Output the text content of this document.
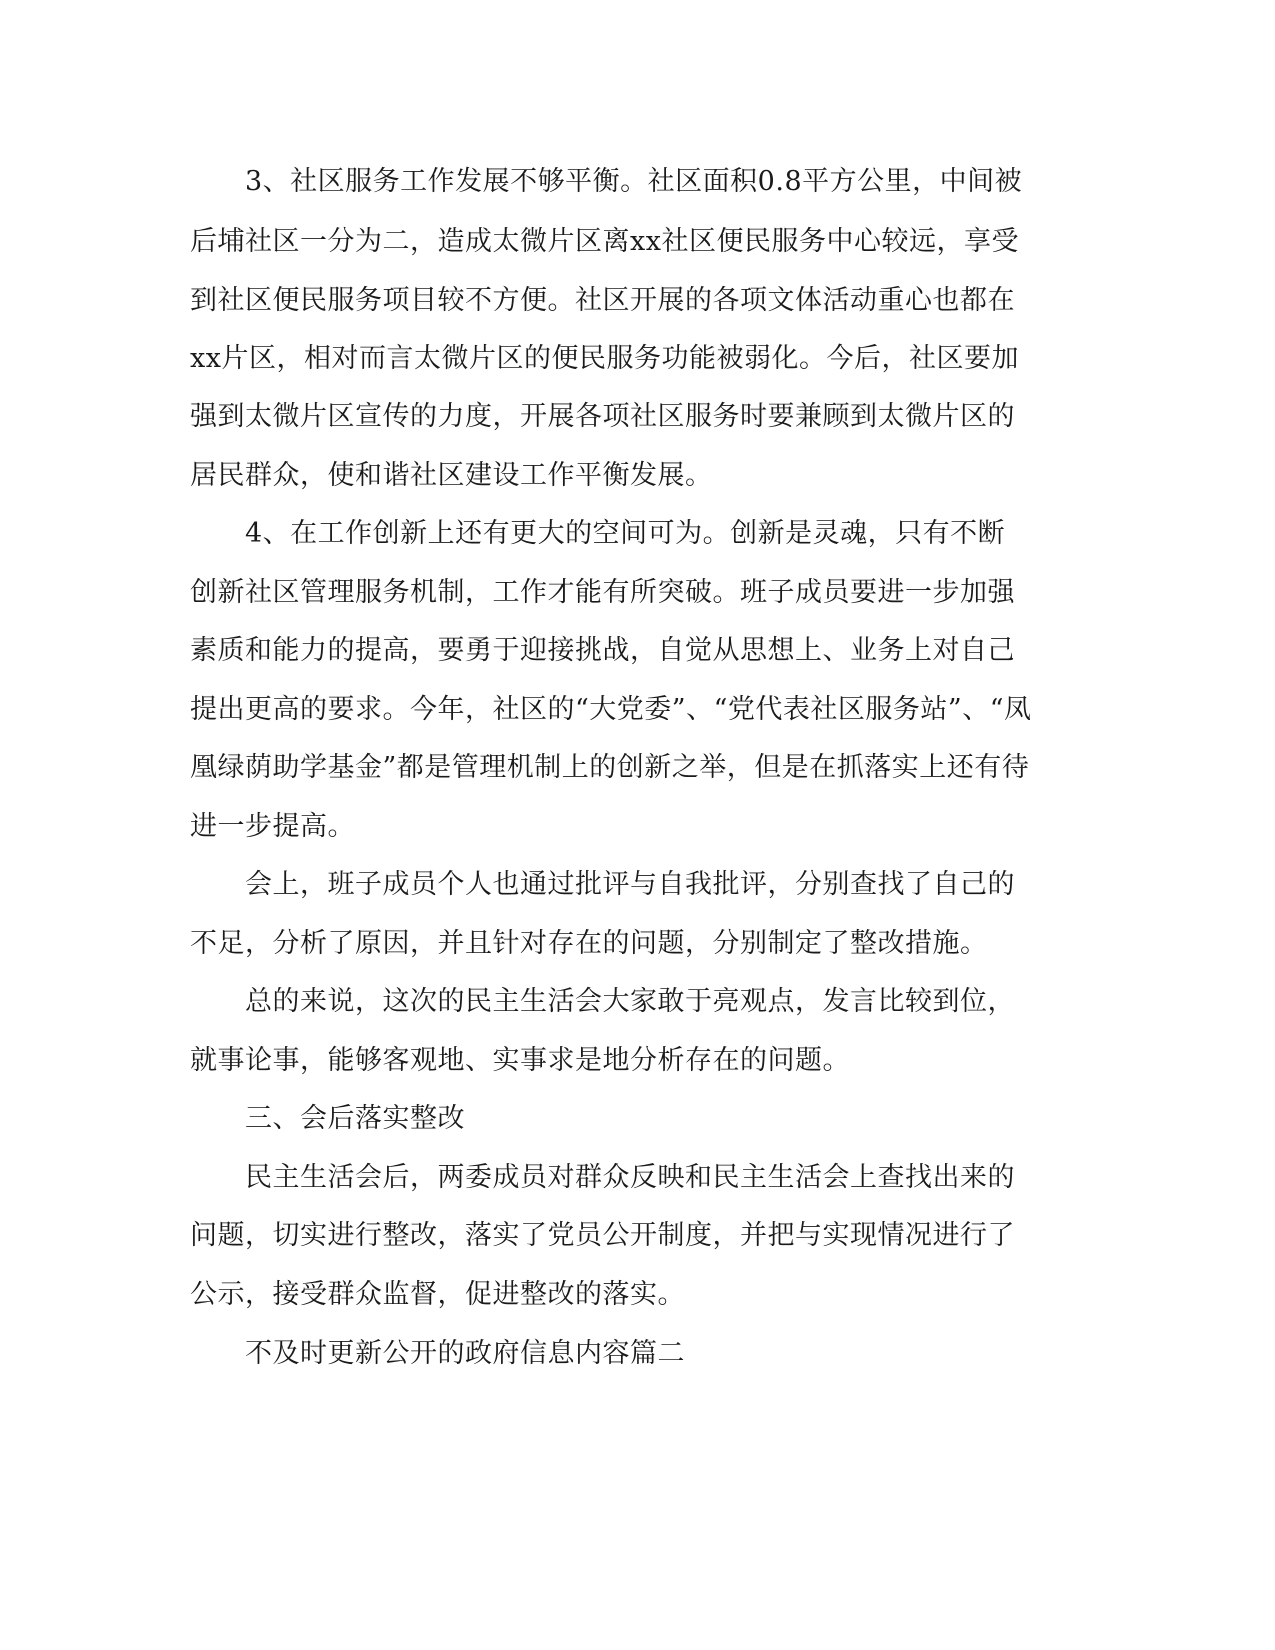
　　3、社区服务工作发展不够平衡。社区面积0.8平方公里，中间被
后埔社区一分为二，造成太微片区离xx社区便民服务中心较远，享受
到社区便民服务项目较不方便。社区开展的各项文体活动重心也都在
xx片区，相对而言太微片区的便民服务功能被弱化。今后，社区要加
强到太微片区宣传的力度，开展各项社区服务时要兼顾到太微片区的
居民群众，使和谐社区建设工作平衡发展。
　　4、在工作创新上还有更大的空间可为。创新是灵魂，只有不断
创新社区管理服务机制，工作才能有所突破。班子成员要进一步加强
素质和能力的提高，要勇于迎接挑战，自觉从思想上、业务上对自己
提出更高的要求。今年，社区的“大党委”、“党代表社区服务站”、“凤
凰绿荫助学基金”都是管理机制上的创新之举，但是在抓落实上还有待
进一步提高。
　　会上，班子成员个人也通过批评与自我批评，分别查找了自己的
不足，分析了原因，并且针对存在的问题，分别制定了整改措施。
　　总的来说，这次的民主生活会大家敢于亮观点，发言比较到位，
就事论事，能够客观地、实事求是地分析存在的问题。
　　三、会后落实整改
　　民主生活会后，两委成员对群众反映和民主生活会上查找出来的
问题，切实进行整改，落实了党员公开制度，并把与实现情况进行了
公示，接受群众监督，促进整改的落实。
　　不及时更新公开的政府信息内容篇二
